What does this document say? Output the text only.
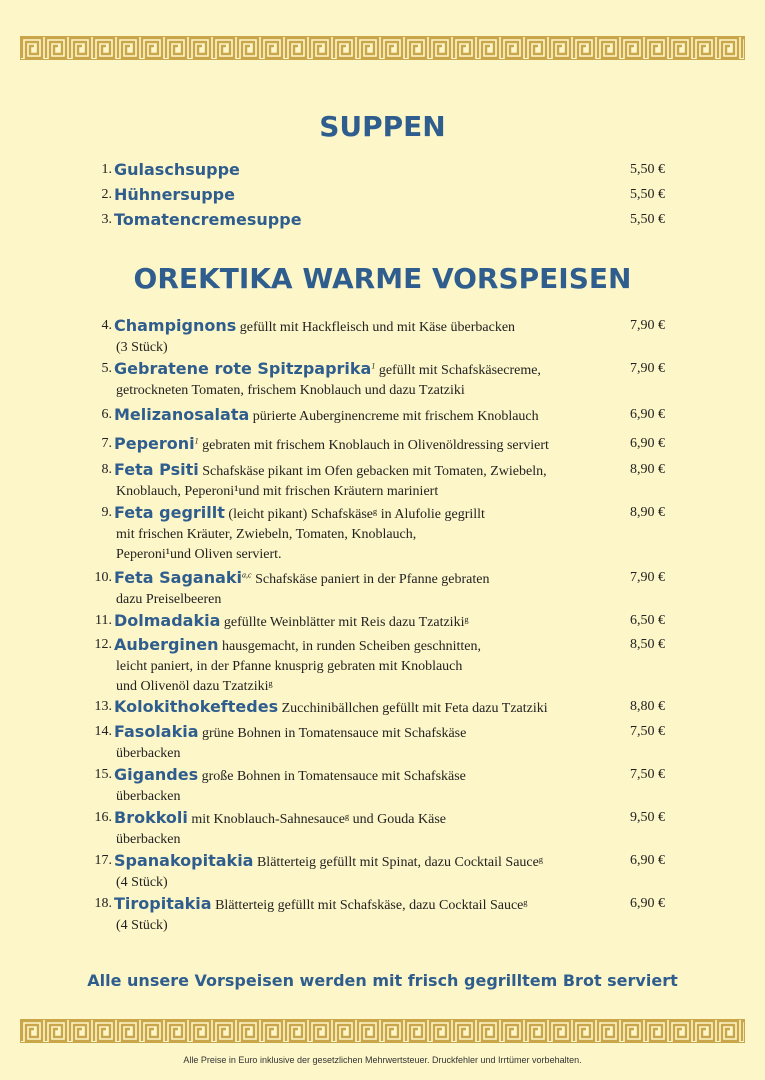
SUPPEN
1. Gulaschsuppe	5,50 €
2. Hühnersuppe	5,50 €
3. Tomatencremesuppe	5,50 €
OREKTIKA WARME VORSPEISEN
4. Champignons gefüllt mit Hackfleisch und mit Käse überbacken	7,90 €
(3 Stück)
5. Gebratene rote Spitzpaprika$^1$ gefüllt mit Schafskäsecreme,	7,90 €
getrockneten Tomaten, frischem Knoblauch und dazu Tzatziki
6. Melizanosalata pürierte Auberginencreme mit frischem Knoblauch	6,90 €
7. Peperoni$^1$ gebraten mit frischem Knoblauch in Olivenöldressing serviert	6,90 €
8. Feta Psiti Schafskäse pikant im Ofen gebacken mit Tomaten, Zwiebeln,	8,90 €
Knoblauch, Peperoni¹und mit frischen Kräutern mariniert
9. Feta gegrillt (leicht pikant) Schafskäseᵍ in Alufolie gegrillt	8,90 €
mit frischen Kräuter, Zwiebeln, Tomaten, Knoblauch,
Peperoni¹und Oliven serviert.
10. Feta Saganaki$^{a,c}$ Schafskäse paniert in der Pfanne gebraten	7,90 €
dazu Preiselbeeren
11. Dolmadakia gefüllte Weinblätter mit Reis dazu Tzatzikiᵍ	6,50 €
12. Auberginen hausgemacht, in runden Scheiben geschnitten,	8,50 €
leicht paniert, in der Pfanne knusprig gebraten mit Knoblauch
und Olivenöl dazu Tzatzikiᵍ
13. Kolokithokeftedes Zucchinibällchen gefüllt mit Feta dazu Tzatziki	8,80 €
14. Fasolakia grüne Bohnen in Tomatensauce mit Schafskäse	7,50 €
überbacken
15. Gigandes große Bohnen in Tomatensauce mit Schafskäse	7,50 €
überbacken
16. Brokkoli mit Knoblauch-Sahnesauceᵍ und Gouda Käse	9,50 €
überbacken
17. Spanakopitakia Blätterteig gefüllt mit Spinat, dazu Cocktail Sauceᵍ	6,90 €
(4 Stück)
18. Tiropitakia Blätterteig gefüllt mit Schafskäse, dazu Cocktail Sauceᵍ	6,90 €
(4 Stück)
Alle unsere Vorspeisen werden mit frisch gegrilltem Brot serviert
Alle Preise in Euro inklusive der gesetzlichen Mehrwertsteuer. Druckfehler und Irrtümer vorbehalten.
